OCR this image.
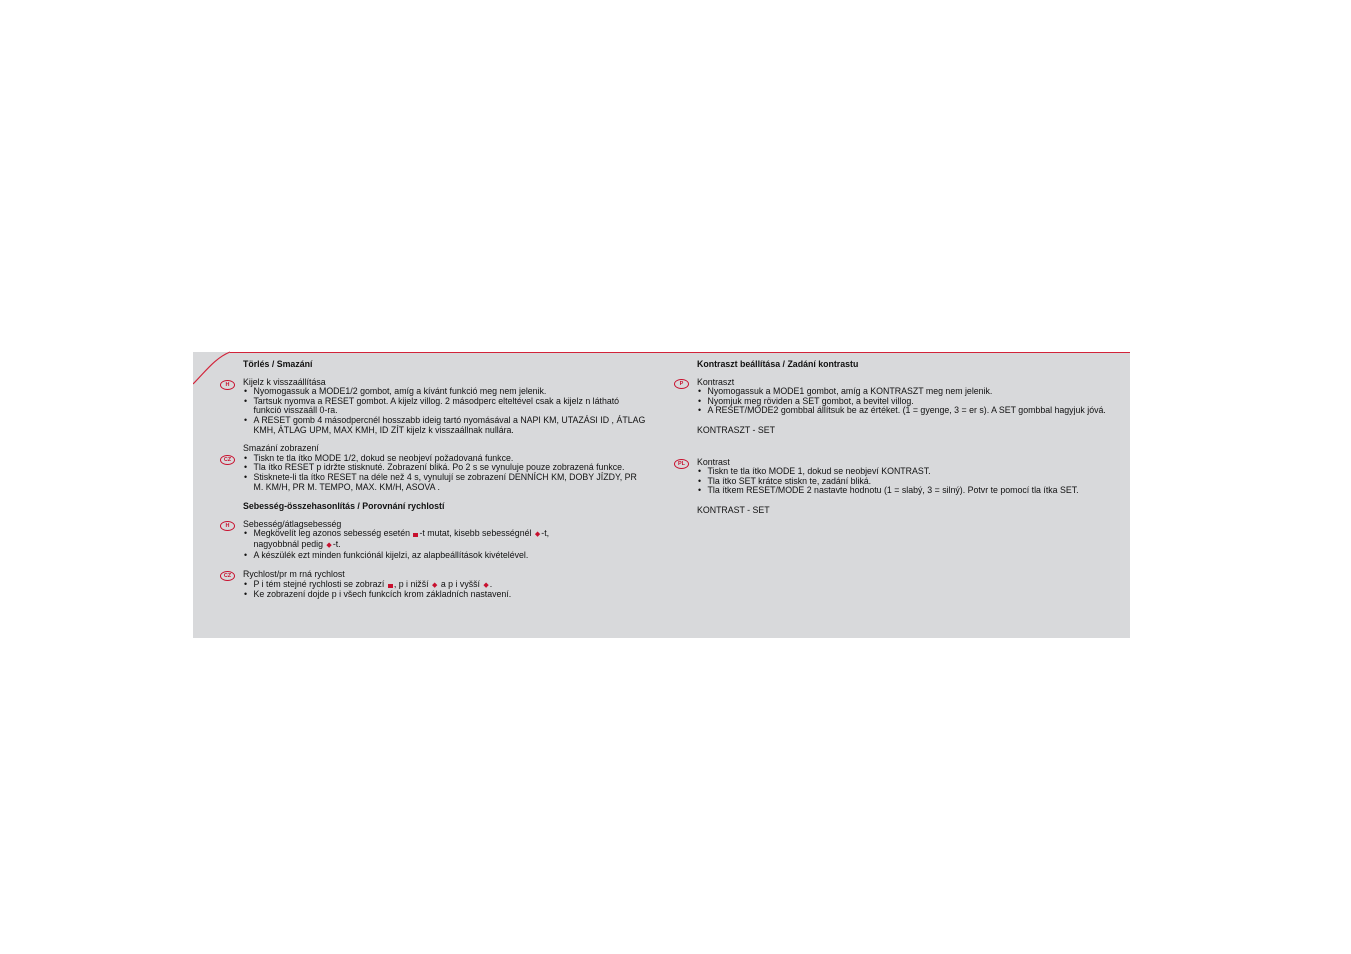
Törlés / Smazání
H	Kijelz k visszaállítása
• Nyomogassuk a MODE1/2 gombot, amíg a kívánt funkció meg nem jelenik.
• Tartsuk nyomva a RESET gombot. A kijelz villog. 2 másodperc elteltével csak a kijelz n látható funkció visszaáll 0-ra.
• A RESET gomb 4 másodpercnél hosszabb ideig tartó nyomásával a NAPI KM, UTAZÁSI ID , ÁTLAG KMH, ÁTLAG UPM, MAX KMH, ID ZÍT kijelz k visszaállnak nullára.
CZ
Smazání zobrazení
• Tiskn te tla ítko MODE 1/2, dokud se neobjeví požadovaná funkce.
• Tla ítko RESET p idržte stisknuté. Zobrazení bliká. Po 2 s se vynuluje pouze zobrazená funkce.
• Stisknete-li tla ítko RESET na déle než 4 s, vynulují se zobrazení DENNÍCH KM, DOBY JÍZDY, PR M. KM/H, PR M. TEMPO, MAX. KM/H, ASOVA .
Sebesség-összehasonlítás / Porovnání rychlostí
H	Sebesség/átlagsebesség
• Megkövelít leg azonos sebesség esetén -t mutat, kisebb sebességnél ◆-t,
nagyobbnál pedig ◆-t.
• A készülék ezt minden funkciónál kijelzi, az alapbeállítások kivételével.
CZ	Rychlost/pr m rná rychlost
• P i tém stejné rychlosti se zobrazí , p i nižší ◆ a p i vyšší ◆.
• Ke zobrazení dojde p i všech funkcích krom základních nastavení.
Kontraszt beállítása / Zadání kontrastu
P	Kontraszt
• Nyomogassuk a MODE1 gombot, amíg a KONTRASZT meg nem jelenik.
• Nyomjuk meg röviden a SET gombot, a bevitel villog.
• A RESET/MODE2 gombbal állítsuk be az értéket. (1 = gyenge, 3 = er s). A SET gombbal hagyjuk jóvá.
KONTRASZT - SET
PL	Kontrast
• Tiskn te tla ítko MODE 1, dokud se neobjeví KONTRAST.
• Tla ítko SET krátce stiskn te, zadání bliká.
• Tla ítkem RESET/MODE 2 nastavte hodnotu (1 = slabý, 3 = silný). Potvr te pomocí tla ítka SET.
KONTRAST - SET
